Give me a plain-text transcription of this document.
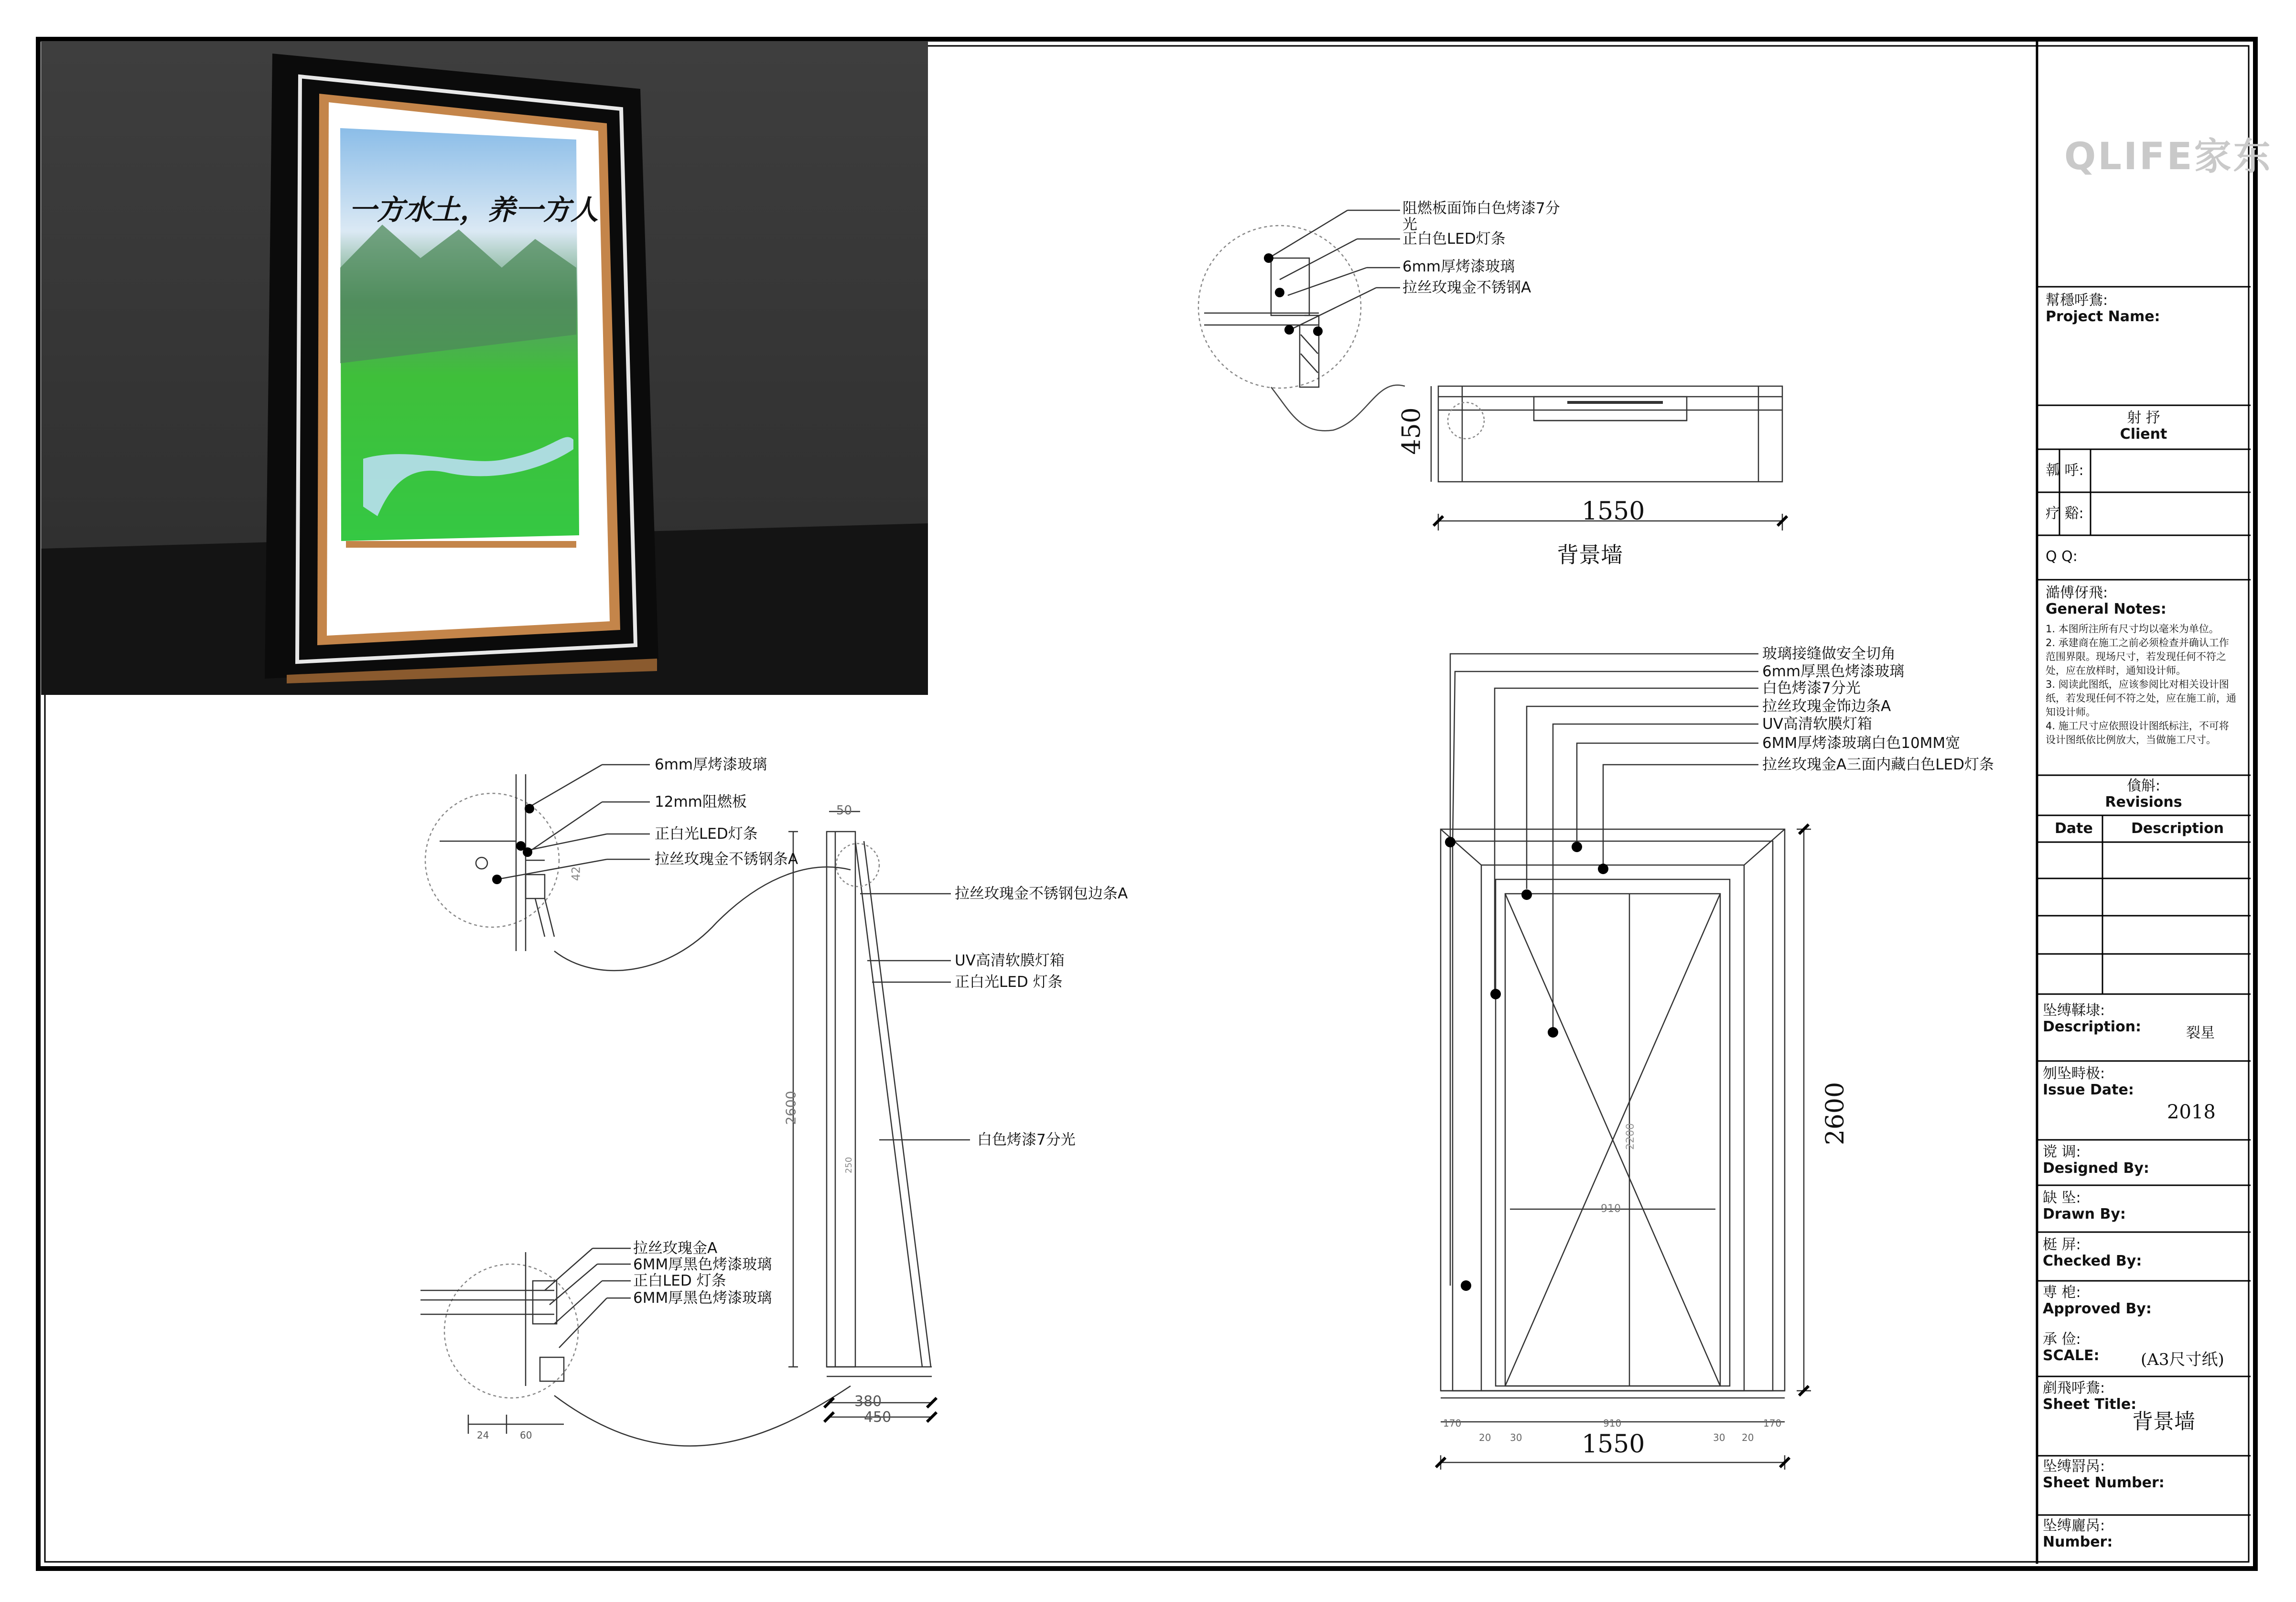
一方水土，养一方人	阻燃板面饰白色烤漆7分
光
正白色LED灯条
6mm厚烤漆玻璃
拉丝玫瑰金不锈钢A
450
1550
背景墙
6mm厚烤漆玻璃
12mm阻燃板
正白光LED灯条
拉丝玫瑰金不锈钢条A
拉丝玫瑰金不锈钢包边条A
UV高清软膜灯箱
正白光LED 灯条
白色烤漆7分光
拉丝玫瑰金A
6MM厚黑色烤漆玻璃
正白LED 灯条
6MM厚黑色烤漆玻璃
50
2600
380
450
250
42
24	60
玻璃接缝做安全切角
6mm厚黑色烤漆玻璃
白色烤漆7分光
拉丝玫瑰金饰边条A
UV高清软膜灯箱
6MM厚烤漆玻璃白色10MM宽
拉丝玫瑰金A三面内藏白色LED灯条
2600
1550
2200
910
170
20 30
910
30 20
170
QLIFE家东
幫穩呼鴦:
Project Name:
射 抒
Client
瓡 呼:
疗 谿:
Q Q:
澔傅伢飛:
General Notes:
1. 本图所注所有尺寸均以毫米为单位。
2. 承建商在施工之前必须检查并确认工作范围界限。现场尺寸，若发现任何不符之处，应在放样时，通知设计师。
3. 阅读此图纸，应该参阅比对相关设计图纸，若发现任何不符之处，应在施工前，通知设计师。
4. 施工尺寸应依照设计图纸标注，不可将设计图纸依比例放大，当做施工尺寸。
僋斛:
Revisions
Date	Description
坠缚鞣埭:
Description:	裂星
刎坠畤极:
Issue Date:
2018
谠 调:
Designed By:
缺 坠:
Drawn By:
梃 屏:
Checked By:
尃 梎:
Approved By:
承 俭:
SCALE:	(A3尺寸纸)
剷飛呼鴦:
Sheet Title:
背景墙
坠缚罸呙:
Sheet Number:
坠缚廲呙:
Number:
